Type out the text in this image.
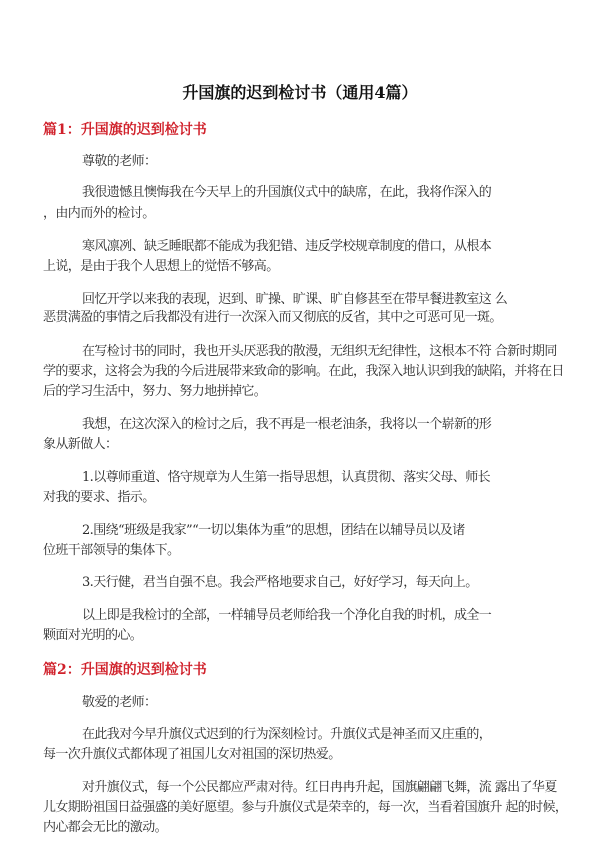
升国旗的迟到检讨书（通用4篇）
尊敬的老师：
我很遗憾且懊悔我在今天早上的升国旗仪式中的缺席，在此，我将作深入的
，由内而外的检讨。
寒风凛冽、缺乏睡眠都不能成为我犯错、违反学校规章制度的借口，从根本
上说，是由于我个人思想上的觉悟不够高。
回忆开学以来我的表现，迟到、旷操、旷课、旷自修甚至在带早餐进教室这 么
恶贯满盈的事情之后我都没有进行一次深入而又彻底的反省，其中之可恶可见一斑。
在写检讨书的同时，我也开头厌恶我的散漫，无组织无纪律性，这根本不符 合新时期同
学的要求，这将会为我的今后进展带来致命的影响。在此，我深入地认识到我的缺陷，并将在日
后的学习生活中，努力、努力地拼掉它。
我想，在这次深入的检讨之后，我不再是一根老油条，我将以一个崭新的形
象从新做人：
1.以尊师重道、恪守规章为人生第一指导思想，认真贯彻、落实父母、师长
对我的要求、指示。
2.围绕“班级是我家”“一切以集体为重”的思想，团结在以辅导员以及诸
位班干部领导的集体下。
3.天行健，君当自强不息。我会严格地要求自己，好好学习，每天向上。
以上即是我检讨的全部，一样辅导员老师给我一个净化自我的时机，成全一
颗面对光明的心。
敬爱的老师：
在此我对今早升旗仪式迟到的行为深刻检讨。升旗仪式是神圣而又庄重的，
每一次升旗仪式都体现了祖国儿女对祖国的深切热爱。
对升旗仪式，每一个公民都应严肃对待。红日冉冉升起，国旗翩翩飞舞，流 露出了华夏
儿女期盼祖国日益强盛的美好愿望。参与升旗仪式是荣幸的，每一次，当看着国旗升 起的时候，
内心都会无比的激动。
篇1：升国旗的迟到检讨书
篇2：升国旗的迟到检讨书
